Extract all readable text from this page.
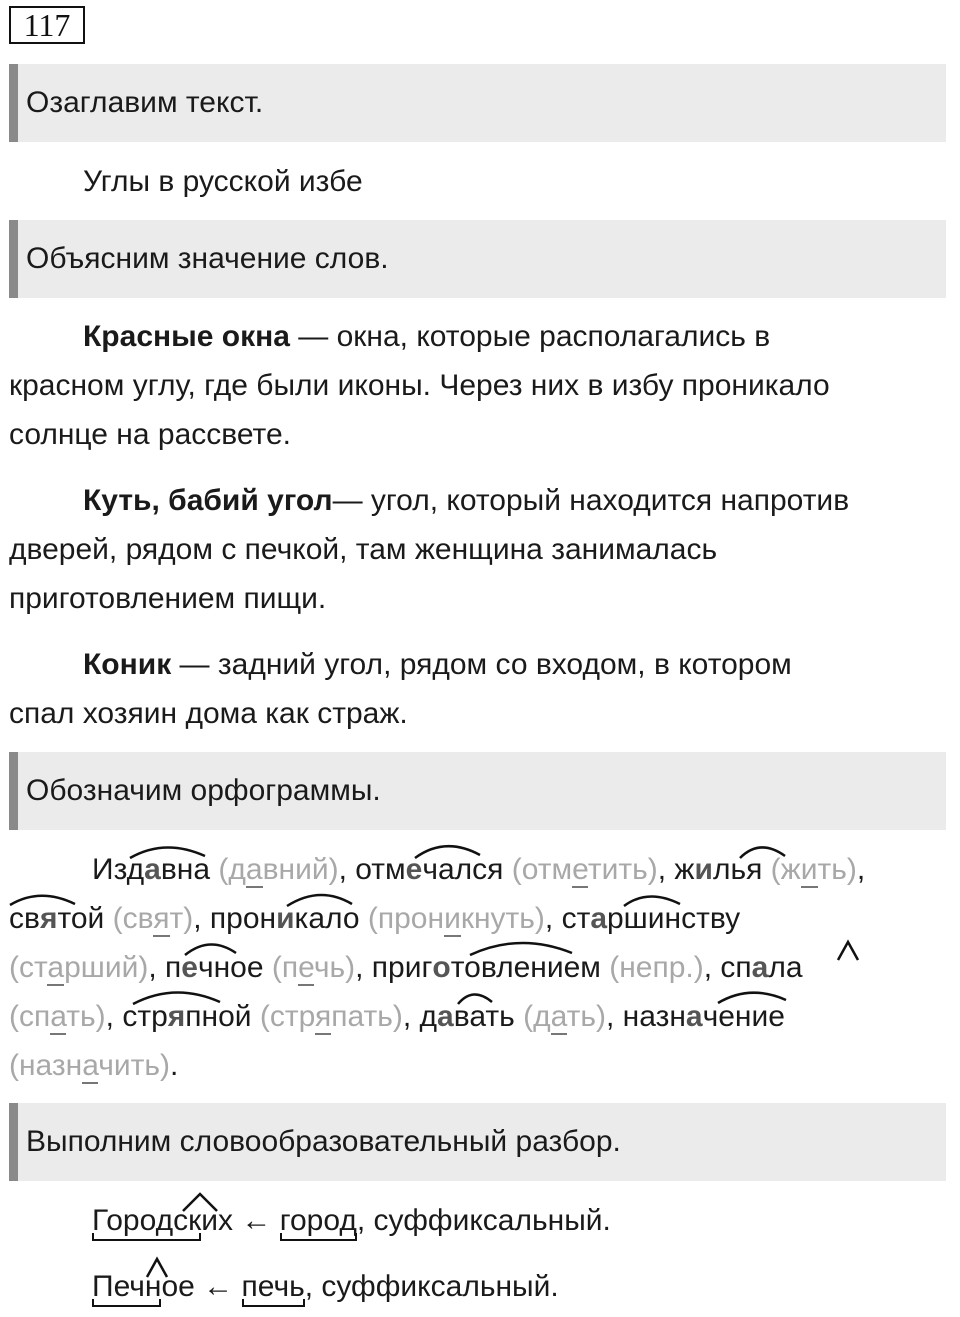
117
Озаглавим текст.
Углы в русской избе
Объясним значение слов.
Красные окна — окна, которые располагались в
красном углу, где были иконы. Через них в избу проникало
солнце на рассвете.
Куть, бабий угол— угол, который находится напротив
дверей, рядом с печкой, там женщина занималась
приготовлением пищи.
Коник — задний угол, рядом со входом, в котором
спал хозяин дома как страж.
Обозначим орфограммы.
Издавна (давний), отмечался (отметить), жилья (жить),
святой (свят), проникало (проникнуть), старшинству
(старший), печное (печь), приготовлением (непр.), спала
(спать), стряпной (стряпать), давать (дать), назначение
(назначить).
Выполним словообразовательный разбор.
Городских ← город, суффиксальный.
Печное ← печь, суффиксальный.
